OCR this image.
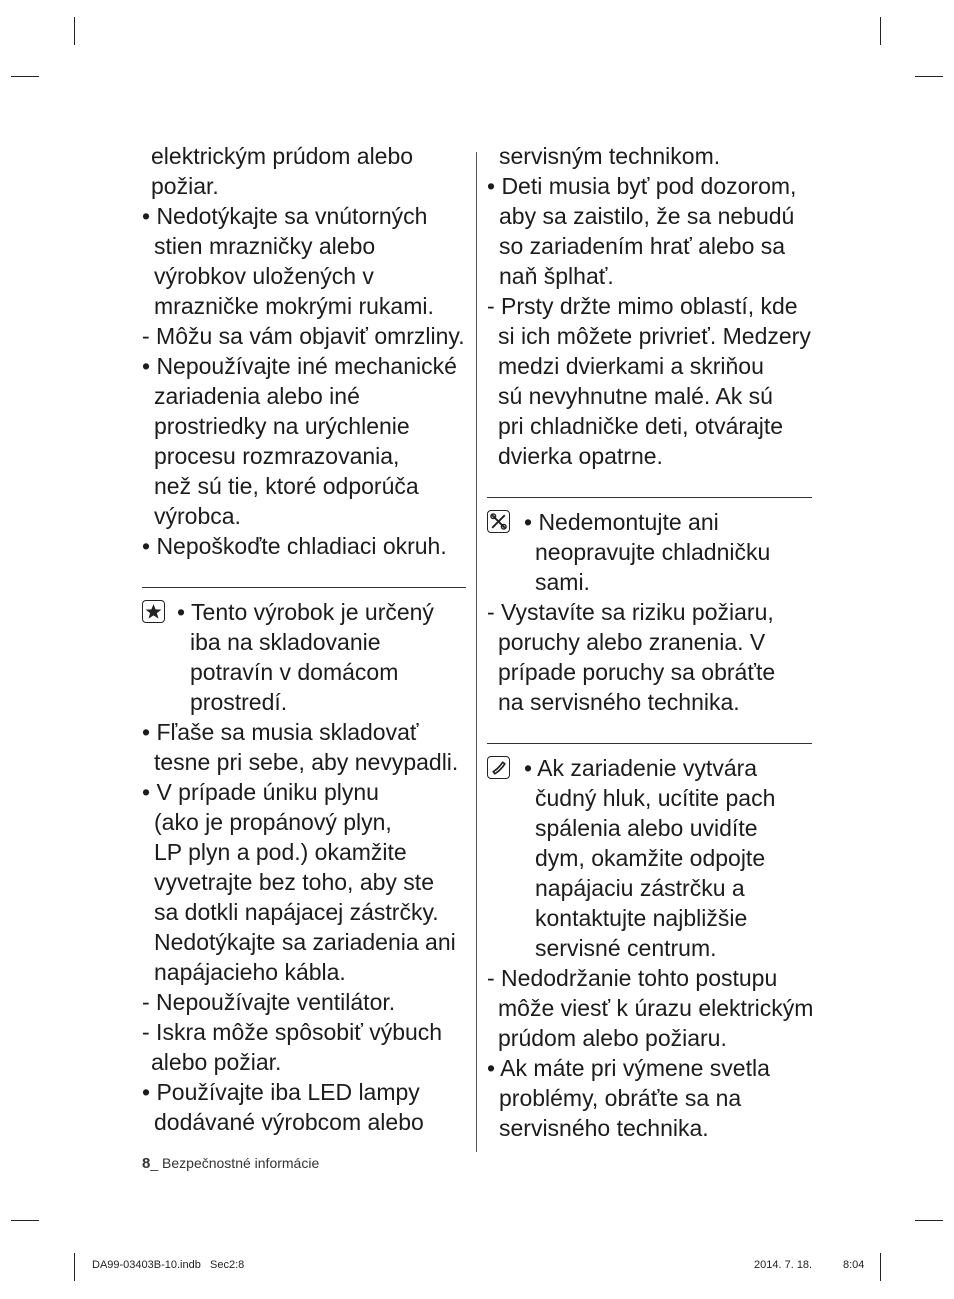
elektrickým prúdom alebo
požiar.
• Nedotýkajte sa vnútorných
stien mrazničky alebo
výrobkov uložených v
mrazničke mokrými rukami.
- Môžu sa vám objaviť omrzliny.
• Nepoužívajte iné mechanické
zariadenia alebo iné
prostriedky na urýchlenie
procesu rozmrazovania,
než sú tie, ktoré odporúča
výrobca.
• Nepoškoďte chladiaci okruh.
• Tento výrobok je určený
iba na skladovanie
potravín v domácom
prostredí.
• Fľaše sa musia skladovať
tesne pri sebe, aby nevypadli.
• V prípade úniku plynu
(ako je propánový plyn,
LP plyn a pod.) okamžite
vyvetrajte bez toho, aby ste
sa dotkli napájacej zástrčky.
Nedotýkajte sa zariadenia ani
napájacieho kábla.
- Nepoužívajte ventilátor.
- Iskra môže spôsobiť výbuch
alebo požiar.
• Používajte iba LED lampy
dodávané výrobcom alebo
servisným technikom.
• Deti musia byť pod dozorom,
aby sa zaistilo, že sa nebudú
so zariadením hrať alebo sa
naň šplhať.
- Prsty držte mimo oblastí, kde
si ich môžete privrieť. Medzery
medzi dvierkami a skriňou
sú nevyhnutne malé. Ak sú
pri chladničke deti, otvárajte
dvierka opatrne.
• Nedemontujte ani
neopravujte chladničku
sami.
- Vystavíte sa riziku požiaru,
poruchy alebo zranenia. V
prípade poruchy sa obráťte
na servisného technika.
• Ak zariadenie vytvára
čudný hluk, ucítite pach
spálenia alebo uvidíte
dym, okamžite odpojte
napájaciu zástrčku a
kontaktujte najbližšie
servisné centrum.
- Nedodržanie tohto postupu
môže viesť k úrazu elektrickým
prúdom alebo požiaru.
• Ak máte pri výmene svetla
problémy, obráťte sa na
servisného technika.
8_ Bezpečnostné informácie
DA99-03403B-10.indb   Sec2:8	2014. 7. 18.	8:04
